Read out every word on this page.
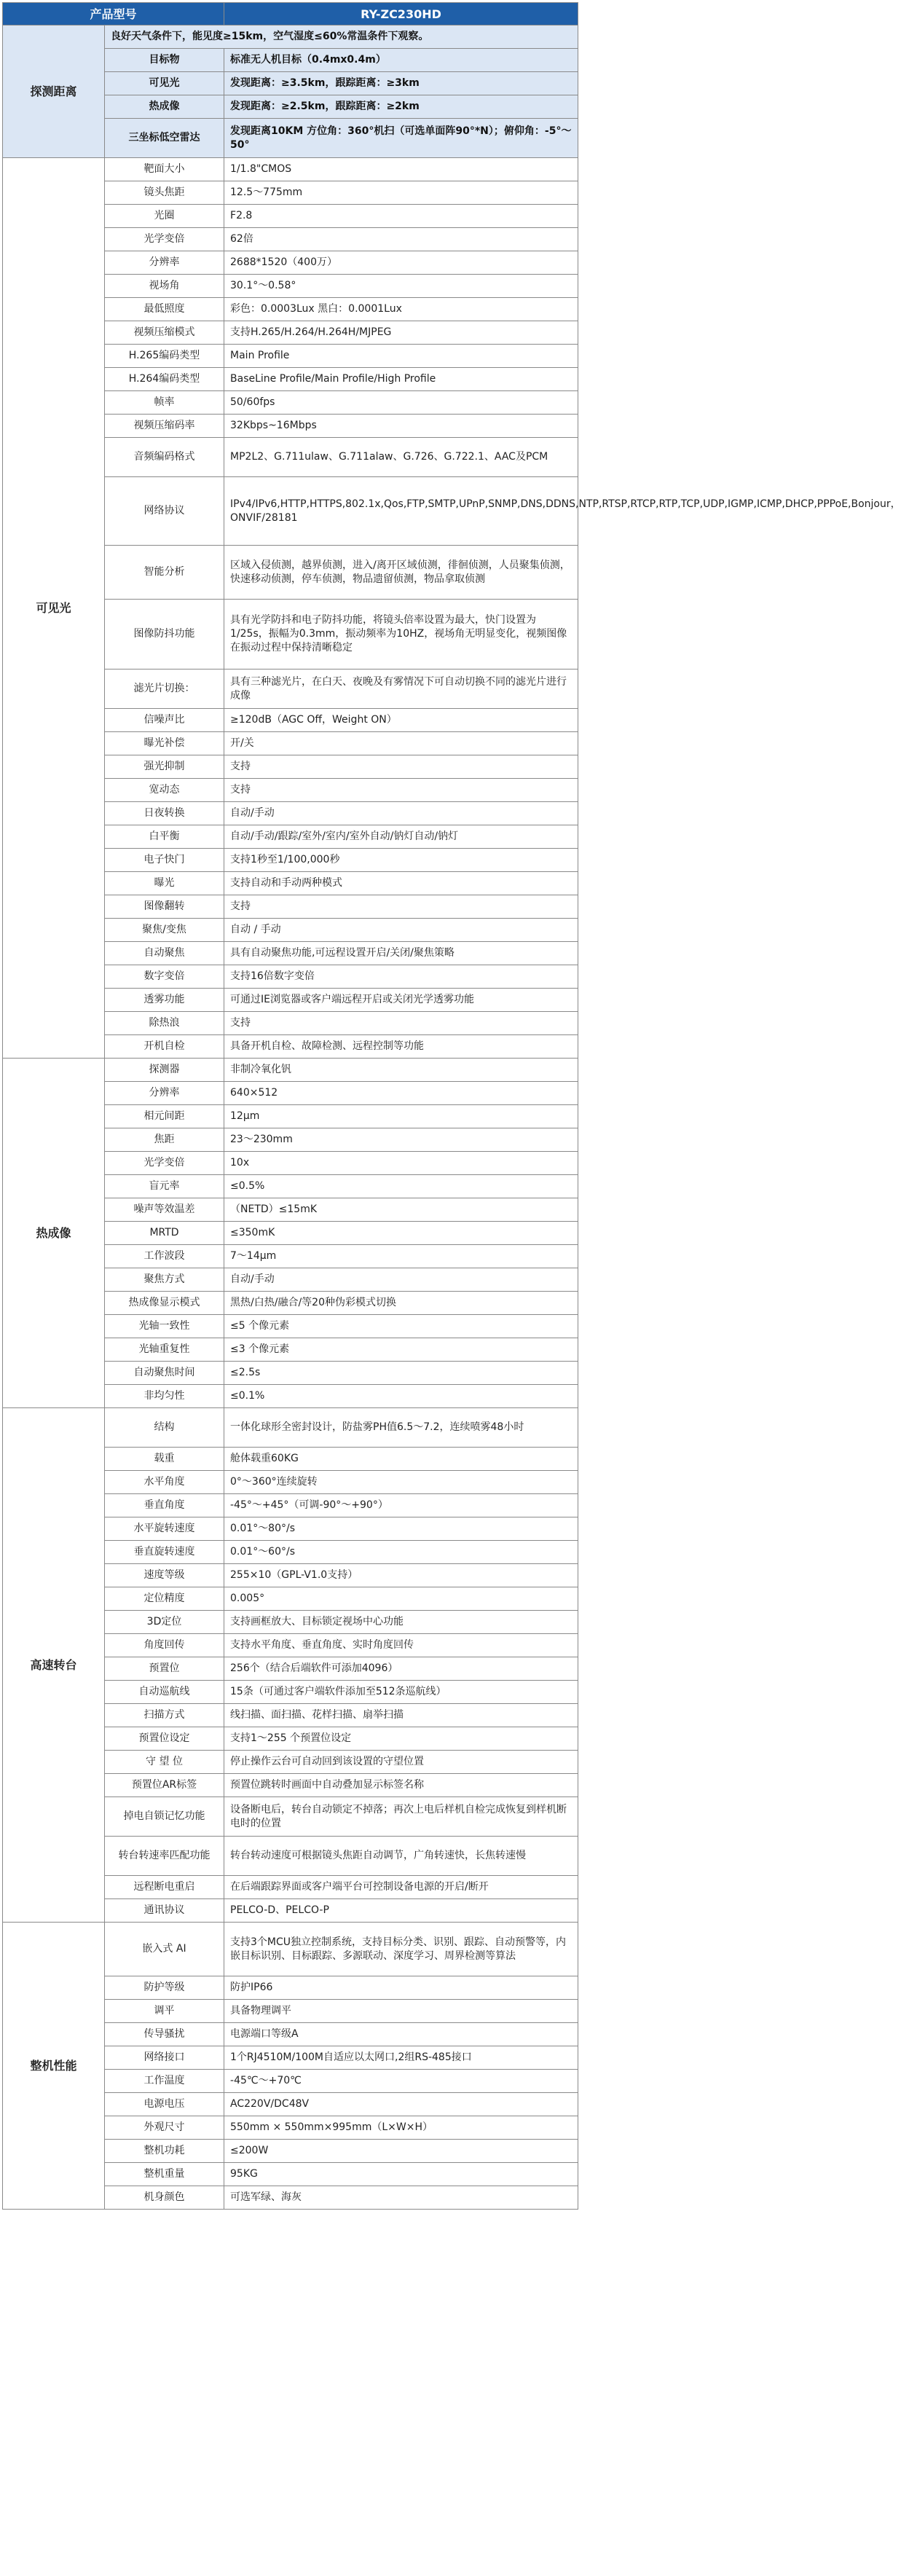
产品型号		RY-ZC230HD
探测距离	良好天气条件下，能见度≥15km，空气湿度≤60%常温条件下观察。	
	目标物	标准无人机目标（0.4mx0.4m）
	可见光	发现距离：≥3.5km，跟踪距离：≥3km
	热成像	发现距离：≥2.5km，跟踪距离：≥2km
	三坐标低空雷达	发现距离10KM 方位角：360°机扫（可选单面阵90°*N）；俯仰角：-5°～50°
可见光	靶面大小	1/1.8"CMOS
	镜头焦距	12.5～775mm
	光圈	F2.8
	光学变倍	62倍
	分辨率	2688*1520（400万）
	视场角	30.1°～0.58°
	最低照度	彩色：0.0003Lux 黑白：0.0001Lux
	视频压缩模式	支持H.265/H.264/H.264H/MJPEG
	H.265编码类型	Main Profile
	H.264编码类型	BaseLine Profile/Main Profile/High Profile
	帧率	50/60fps
	视频压缩码率	32Kbps~16Mbps
	音频编码格式	MP2L2、G.711ulaw、G.711alaw、G.726、G.722.1、AAC及PCM
	网络协议	IPv4/IPv6,HTTP,HTTPS,802.1x,Qos,FTP,SMTP,UPnP,SNMP,DNS,DDNS,NTP,RTSP,RTCP,RTP,TCP,UDP,IGMP,ICMP,DHCP,PPPoE,Bonjour， ONVIF/28181
	智能分析	区域入侵侦测，越界侦测，进入/离开区域侦测，徘徊侦测，人员聚集侦测，快速移动侦测，停车侦测，物品遗留侦测，物品拿取侦测
	图像防抖功能	具有光学防抖和电子防抖功能，将镜头倍率设置为最大，快门设置为1/25s，振幅为0.3mm，振动频率为10HZ，视场角无明显变化，视频图像在振动过程中保持清晰稳定
	滤光片切换：	具有三种滤光片，在白天、夜晚及有雾情况下可自动切换不同的滤光片进行成像
	信噪声比	≥120dB（AGC Off，Weight ON）
	曝光补偿	开/关
	强光抑制	支持
	宽动态	支持
	日夜转换	自动/手动
	白平衡	自动/手动/跟踪/室外/室内/室外自动/钠灯自动/钠灯
	电子快门	支持1秒至1/100,000秒
	曝光	支持自动和手动两种模式
	图像翻转	支持
	聚焦/变焦	自动 / 手动
	自动聚焦	具有自动聚焦功能,可远程设置开启/关闭/聚焦策略
	数字变倍	支持16倍数字变倍
	透雾功能	可通过IE浏览器或客户端远程开启或关闭光学透雾功能
	除热浪	支持
	开机自检	具备开机自检、故障检测、远程控制等功能
热成像	探测器	非制冷氧化钒
	分辨率	640×512
	相元间距	12μm
	焦距	23～230mm
	光学变倍	10x
	盲元率	≤0.5%
	噪声等效温差	（NETD）≤15mK
	MRTD	≤350mK
	工作波段	7～14μm
	聚焦方式	自动/手动
	热成像显示模式	黑热/白热/融合/等20种伪彩模式切换
	光轴一致性	≤5 个像元素
	光轴重复性	≤3 个像元素
	自动聚焦时间	≤2.5s
	非均匀性	≤0.1%
高速转台	结构	一体化球形全密封设计，防盐雾PH值6.5～7.2，连续喷雾48小时
	载重	舱体载重60KG
	水平角度	0°～360°连续旋转
	垂直角度	-45°～+45°（可调-90°～+90°）
	水平旋转速度	0.01°～80°/s
	垂直旋转速度	0.01°～60°/s
	速度等级	255×10（GPL-V1.0支持）
	定位精度	0.005°
	3D定位	支持画框放大、目标锁定视场中心功能
	角度回传	支持水平角度、垂直角度、实时角度回传
	预置位	256个（结合后端软件可添加4096）
	自动巡航线	15条（可通过客户端软件添加至512条巡航线）
	扫描方式	线扫描、面扫描、花样扫描、扇举扫描
	预置位设定	支持1～255 个预置位设定
	守 望 位	停止操作云台可自动回到该设置的守望位置
	预置位AR标签	预置位跳转时画面中自动叠加显示标签名称
	掉电自锁记忆功能	设备断电后，转台自动锁定不掉落；再次上电后样机自检完成恢复到样机断电时的位置
	转台转速率匹配功能	转台转动速度可根据镜头焦距自动调节，广角转速快，长焦转速慢
	远程断电重启	在后端跟踪界面或客户端平台可控制设备电源的开启/断开
	通讯协议	PELCO-D、PELCO-P
整机性能	嵌入式 AI	支持3个MCU独立控制系统，支持目标分类、识别、跟踪、自动预警等，内嵌目标识别、目标跟踪、多源联动、深度学习、周界检测等算法
	防护等级	防护IP66
	调平	具备物理调平
	传导骚扰	电源端口等级A
	网络接口	1个RJ4510M/100M自适应以太网口,2组RS-485接口
	工作温度	-45℃～+70℃
	电源电压	AC220V/DC48V
	外观尺寸	550mm × 550mm×995mm（L×W×H）
	整机功耗	≤200W
	整机重量	95KG
	机身颜色	可选军绿、海灰
